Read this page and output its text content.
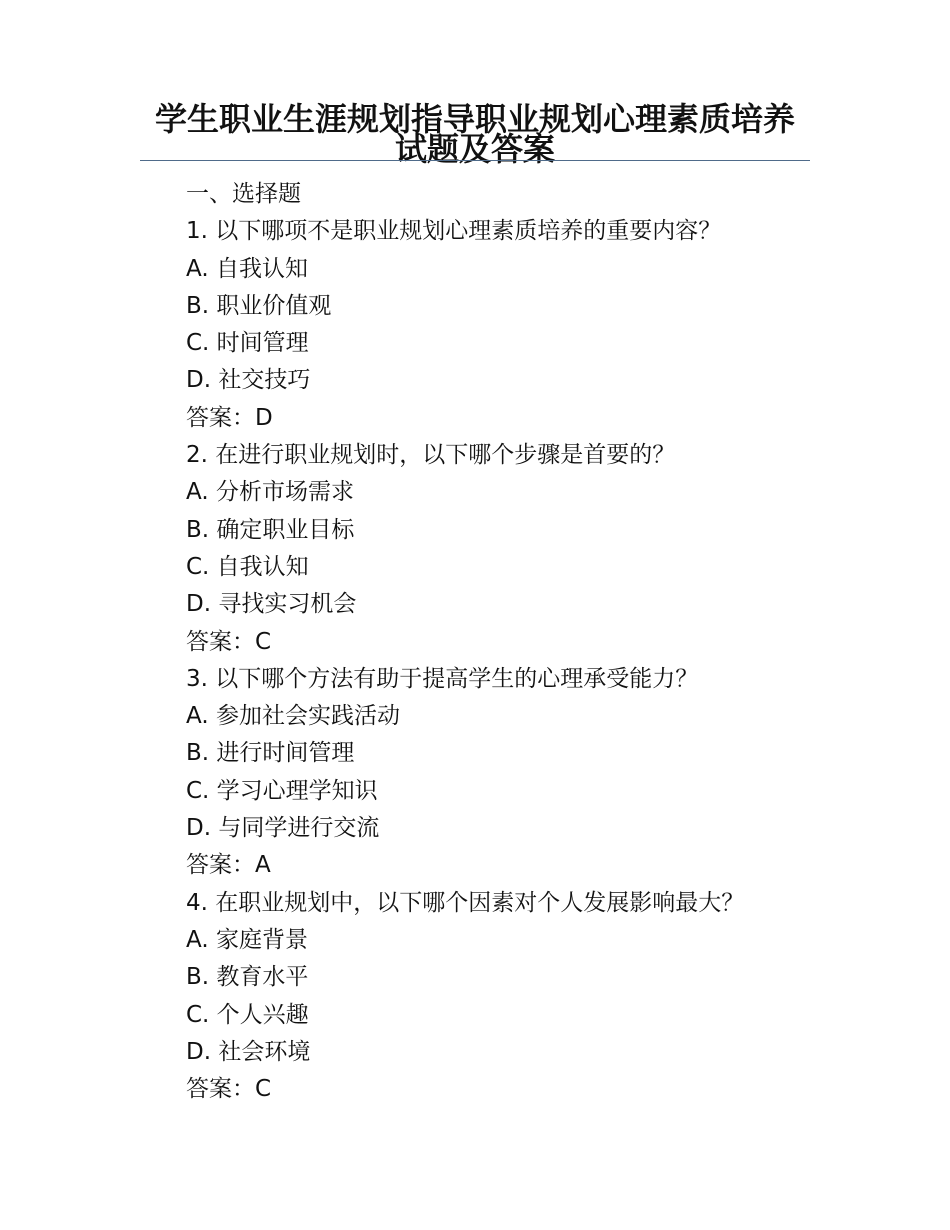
学生职业生涯规划指导职业规划心理素质培养试题及答案
一、选择题
1. 以下哪项不是职业规划心理素质培养的重要内容？
A. 自我认知
B. 职业价值观
C. 时间管理
D. 社交技巧
答案：D
2. 在进行职业规划时，以下哪个步骤是首要的？
A. 分析市场需求
B. 确定职业目标
C. 自我认知
D. 寻找实习机会
答案：C
3. 以下哪个方法有助于提高学生的心理承受能力？
A. 参加社会实践活动
B. 进行时间管理
C. 学习心理学知识
D. 与同学进行交流
答案：A
4. 在职业规划中，以下哪个因素对个人发展影响最大？
A. 家庭背景
B. 教育水平
C. 个人兴趣
D. 社会环境
答案：C
